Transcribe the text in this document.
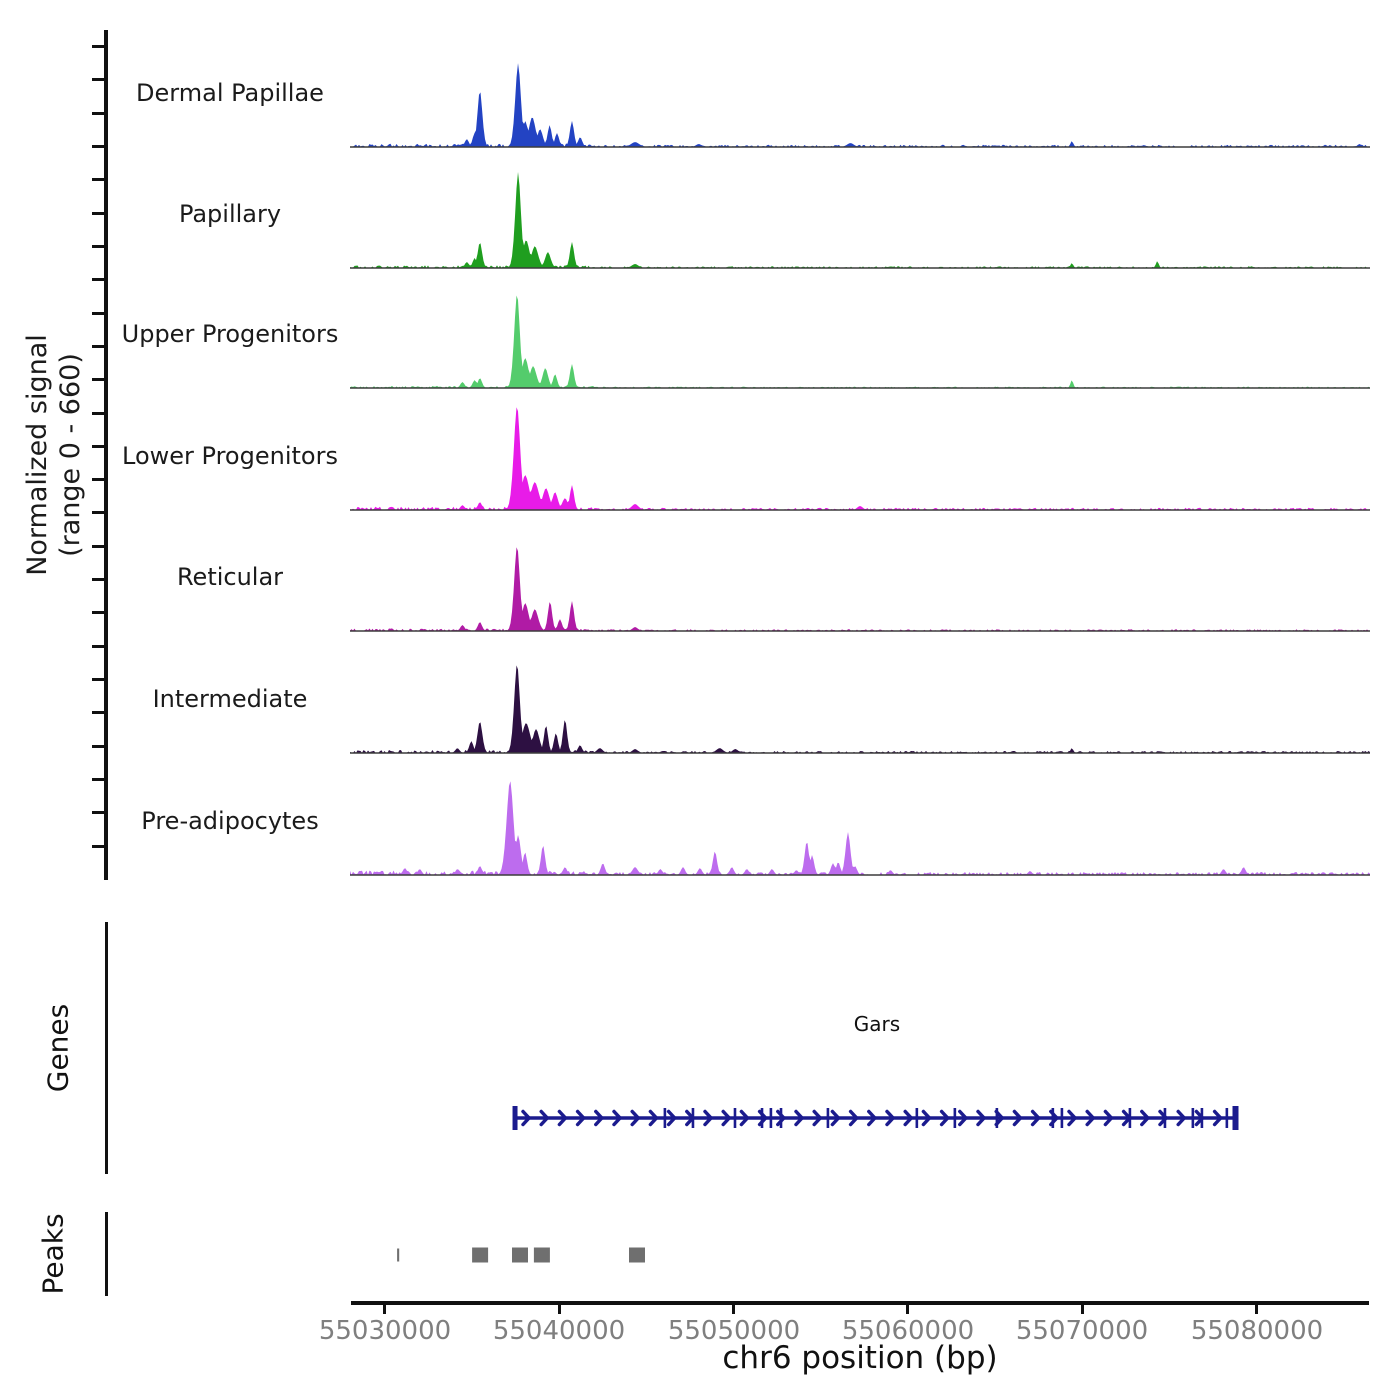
Normalized signal (range 0 - 660)
Dermal Papillae
Papillary
Upper Progenitors
Lower Progenitors
Reticular
Intermediate
Pre-adipocytes
Genes	Gars
Peaks
55030000	55040000	55050000	55060000	55070000	55080000
chr6 position (bp)
